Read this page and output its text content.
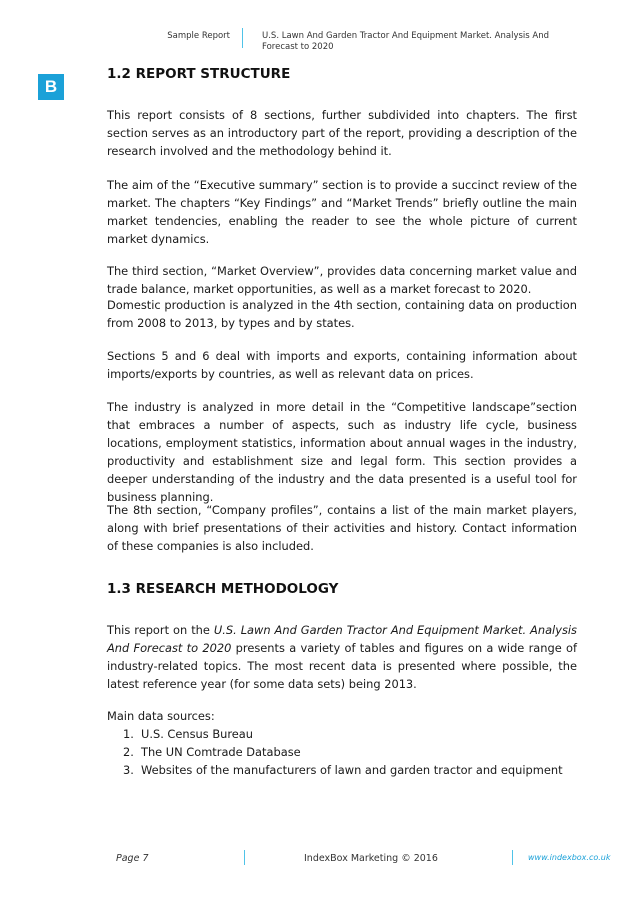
Sample Report	U.S. Lawn And Garden Tractor And Equipment Market. Analysis And Forecast to 2020
B
1.2 REPORT STRUCTURE

This report consists of 8 sections, further subdivided into chapters. The first section serves as an introductory part of the report, providing a description of the research involved and the methodology behind it.

The aim of the “Executive summary” section is to provide a succinct review of the market. The chapters “Key Findings” and “Market Trends” briefly outline the main market tendencies, enabling the reader to see the whole picture of current market dynamics.

The third section, “Market Overview”, provides data concerning market value and trade balance, market opportunities, as well as a market forecast to 2020.

Domestic production is analyzed in the 4th section, containing data on production from 2008 to 2013, by types and by states.

Sections 5 and 6 deal with imports and exports, containing information about imports/exports by countries, as well as relevant data on prices.

The industry is analyzed in more detail in the “Competitive landscape”section that embraces a number of aspects, such as industry life cycle, business locations, employment statistics, information about annual wages in the industry, productivity and establishment size and legal form. This section provides a deeper understanding of the industry and the data presented is a useful tool for business planning.

The 8th section, “Company profiles”, contains a list of the main market players, along with brief presentations of their activities and history. Contact information of these companies is also included.

1.3 RESEARCH METHODOLOGY

This report on the U.S. Lawn And Garden Tractor And Equipment Market. Analysis And Forecast to 2020 presents a variety of tables and figures on a wide range of industry-related topics. The most recent data is presented where possible, the latest reference year (for some data sets) being 2013.

Main data sources:

1. U.S. Census Bureau
2. The UN Comtrade Database
3. Websites of the manufacturers of lawn and garden tractor and equipment
Page 7	IndexBox Marketing © 2016	www.indexbox.co.uk
